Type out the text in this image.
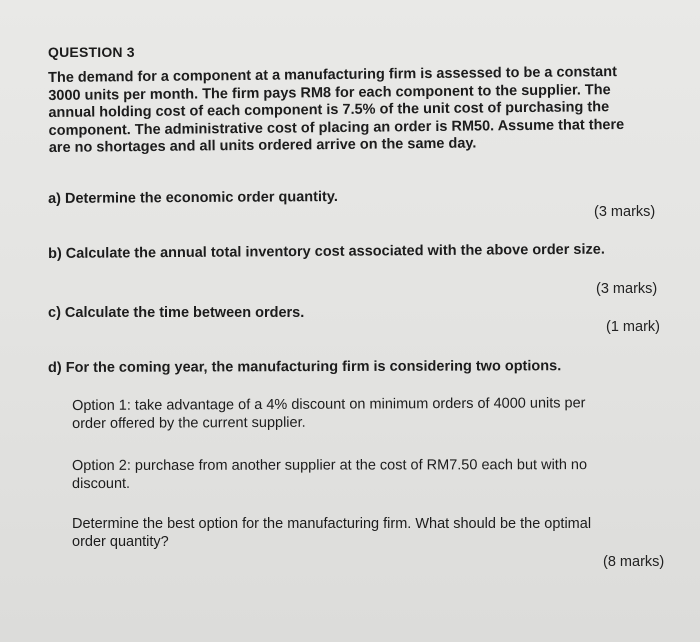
QUESTION 3
The demand for a component at a manufacturing firm is assessed to be a constant
3000 units per month. The firm pays RM8 for each component to the supplier. The
annual holding cost of each component is 7.5% of the unit cost of purchasing the
component. The administrative cost of placing an order is RM50. Assume that there
are no shortages and all units ordered arrive on the same day.
a) Determine the economic order quantity.
(3 marks)
b) Calculate the annual total inventory cost associated with the above order size.
(3 marks)
c) Calculate the time between orders.
(1 mark)
d) For the coming year, the manufacturing firm is considering two options.
Option 1: take advantage of a 4% discount on minimum orders of 4000 units per
order offered by the current supplier.
Option 2: purchase from another supplier at the cost of RM7.50 each but with no
discount.
Determine the best option for the manufacturing firm. What should be the optimal
order quantity?
(8 marks)
